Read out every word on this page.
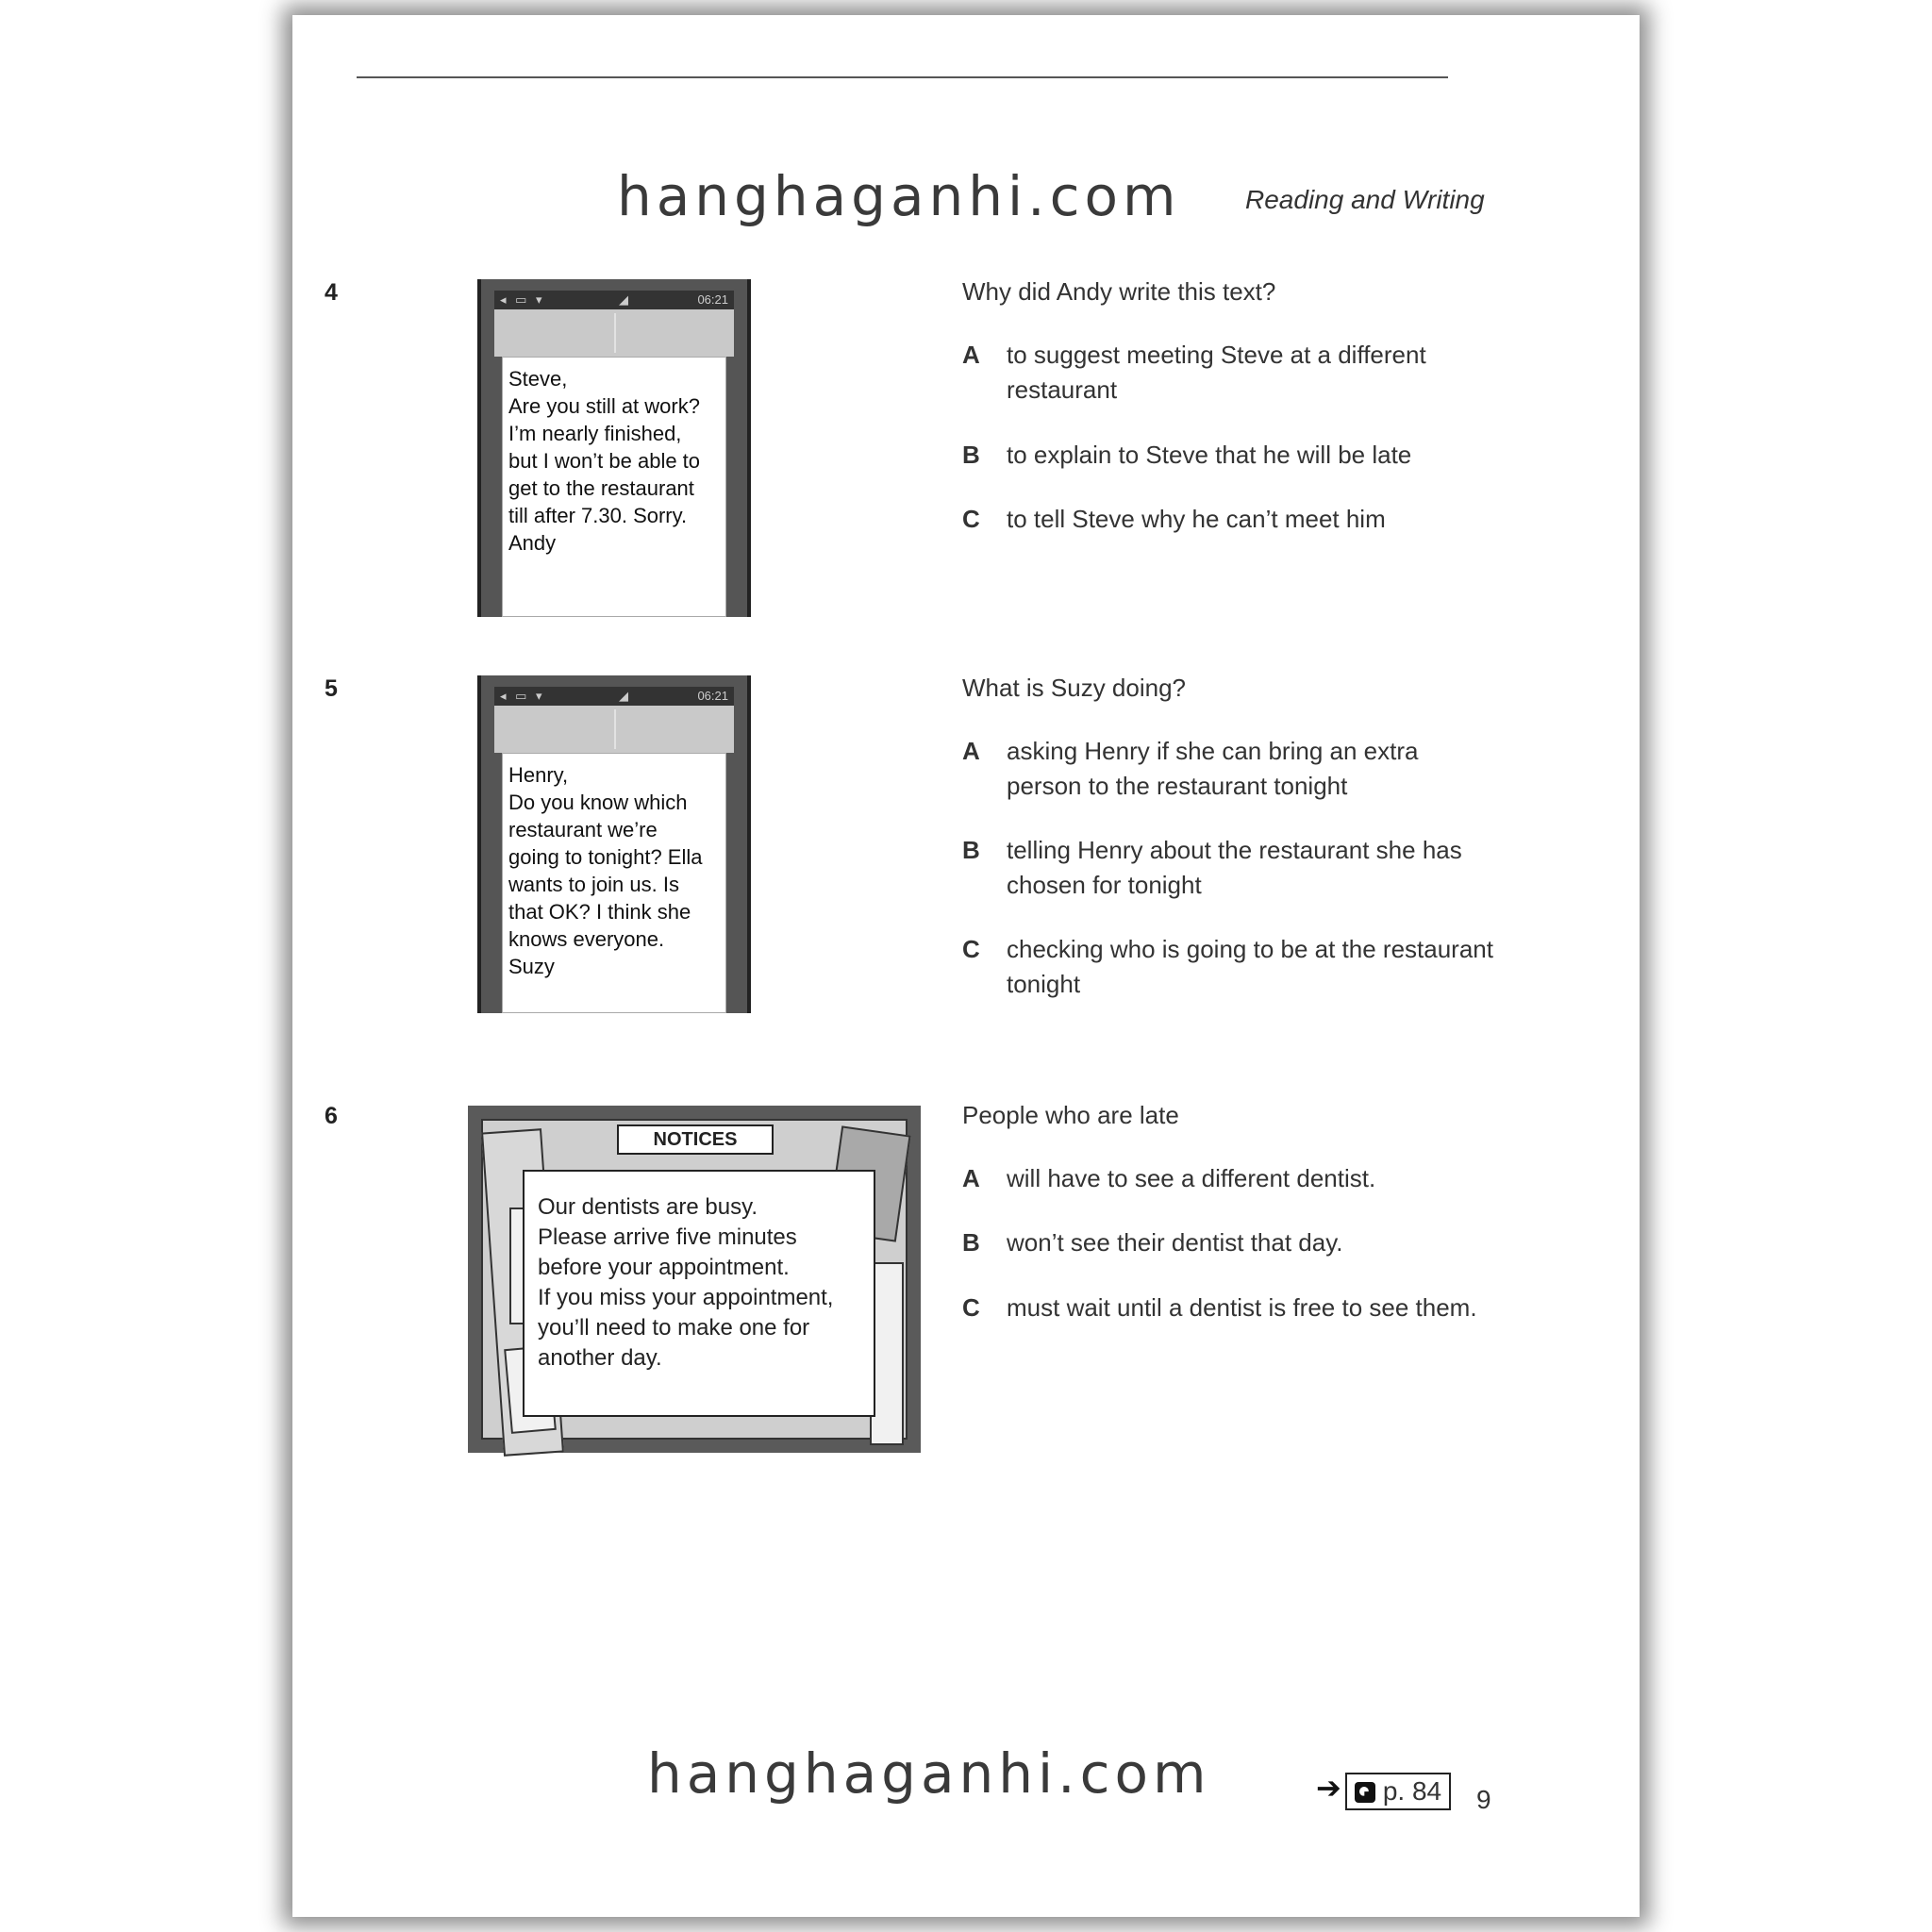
hanghaganhi.com Reading and Writing
4	◂ ▭ ▾	◢	06:21
Steve,
Are you still at work?
I’m nearly finished,
but I won’t be able to
get to the restaurant
till after 7.30. Sorry.
Andy
Why did Andy write this text?
A to suggest meeting Steve at a different restaurant
B to explain to Steve that he will be late
C to tell Steve why he can’t meet him
5	◂ ▭ ▾	◢	06:21
Henry,
Do you know which
restaurant we’re
going to tonight? Ella
wants to join us. Is
that OK? I think she
knows everyone.
Suzy
What is Suzy doing?
A asking Henry if she can bring an extra person to the restaurant tonight
B telling Henry about the restaurant she has chosen for tonight
C checking who is going to be at the restaurant tonight
6	People who are late
A will have to see a different dentist.
B won’t see their dentist that day.
C must wait until a dentist is free to see them.
hanghaganhi.com	➔ p. 84	9
NOTICES
Our dentists are busy.
Please arrive five minutes
before your appointment.
If you miss your appointment,
you’ll need to make one for
another day.
